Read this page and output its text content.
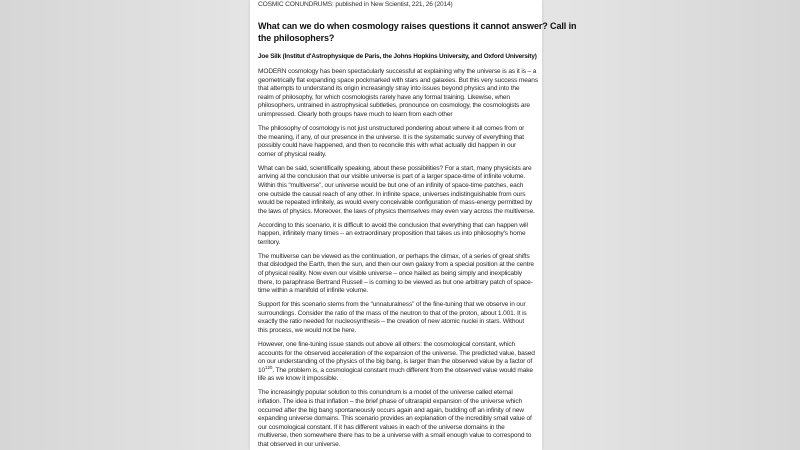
COSMIC CONUNDRUMS: published in New Scientist, 221, 26 (2014)
What can we do when cosmology raises questions it cannot answer? Call in
the philosophers?
Joe Silk (Institut d'Astrophysique de Paris, the Johns Hopkins University, and Oxford University)
MODERN cosmology has been spectacularly successful at explaining why the universe is as it is – a
geometrically flat expanding space pockmarked with stars and galaxies. But this very success means
that attempts to understand its origin increasingly stray into issues beyond physics and into the
realm of philosophy, for which cosmologists rarely have any formal training. Likewise, when
philosophers, untrained in astrophysical subtleties, pronounce on cosmology, the cosmologists are
unimpressed. Clearly both groups have much to learn from each other
The philosophy of cosmology is not just unstructured pondering about where it all comes from or
the meaning, if any, of our presence in the universe. It is the systematic survey of everything that
possibly could have happened, and then to reconcile this with what actually did happen in our
corner of physical reality.
What can be said, scientifically speaking, about these possibilities? For a start, many physicists are
arriving at the conclusion that our visible universe is part of a larger space-time of infinite volume.
Within this “multiverse”, our universe would be but one of an infinity of space-time patches, each
one outside the causal reach of any other. In infinite space, universes indistinguishable from ours
would be repeated infinitely, as would every conceivable configuration of mass-energy permitted by
the laws of physics. Moreover, the laws of physics themselves may even vary across the multiverse.
According to this scenario, it is difficult to avoid the conclusion that everything that can happen will
happen, infinitely many times – an extraordinary proposition that takes us into philosophy's home
territory.
The multiverse can be viewed as the continuation, or perhaps the climax, of a series of great shifts
that dislodged the Earth, then the sun, and then our own galaxy from a special position at the centre
of physical reality. Now even our visible universe – once hailed as being simply and inexplicably
there, to paraphrase Bertrand Russell – is coming to be viewed as but one arbitrary patch of space-
time within a manifold of infinite volume.
Support for this scenario stems from the “unnaturalness” of the fine-tuning that we observe in our
surroundings. Consider the ratio of the mass of the neutron to that of the proton, about 1.001. It is
exactly the ratio needed for nucleosynthesis – the creation of new atomic nuclei in stars. Without
this process, we would not be here.
However, one fine-tuning issue stands out above all others: the cosmological constant, which
accounts for the observed acceleration of the expansion of the universe. The predicted value, based
on our understanding of the physics of the big bang, is larger than the observed value by a factor of
$10^{120}$. The problem is, a cosmological constant much different from the observed value would make
life as we know it impossible.
The increasingly popular solution to this conundrum is a model of the universe called eternal
inflation. The idea is that inflation – the brief phase of ultrarapid expansion of the universe which
occurred after the big bang spontaneously occurs again and again, budding off an infinity of new
expanding universe domains. This scenario provides an explanation of the incredibly small value of
our cosmological constant. If it has different values in each of the universe domains in the
multiverse, then somewhere there has to be a universe with a small enough value to correspond to
that observed in our universe.
